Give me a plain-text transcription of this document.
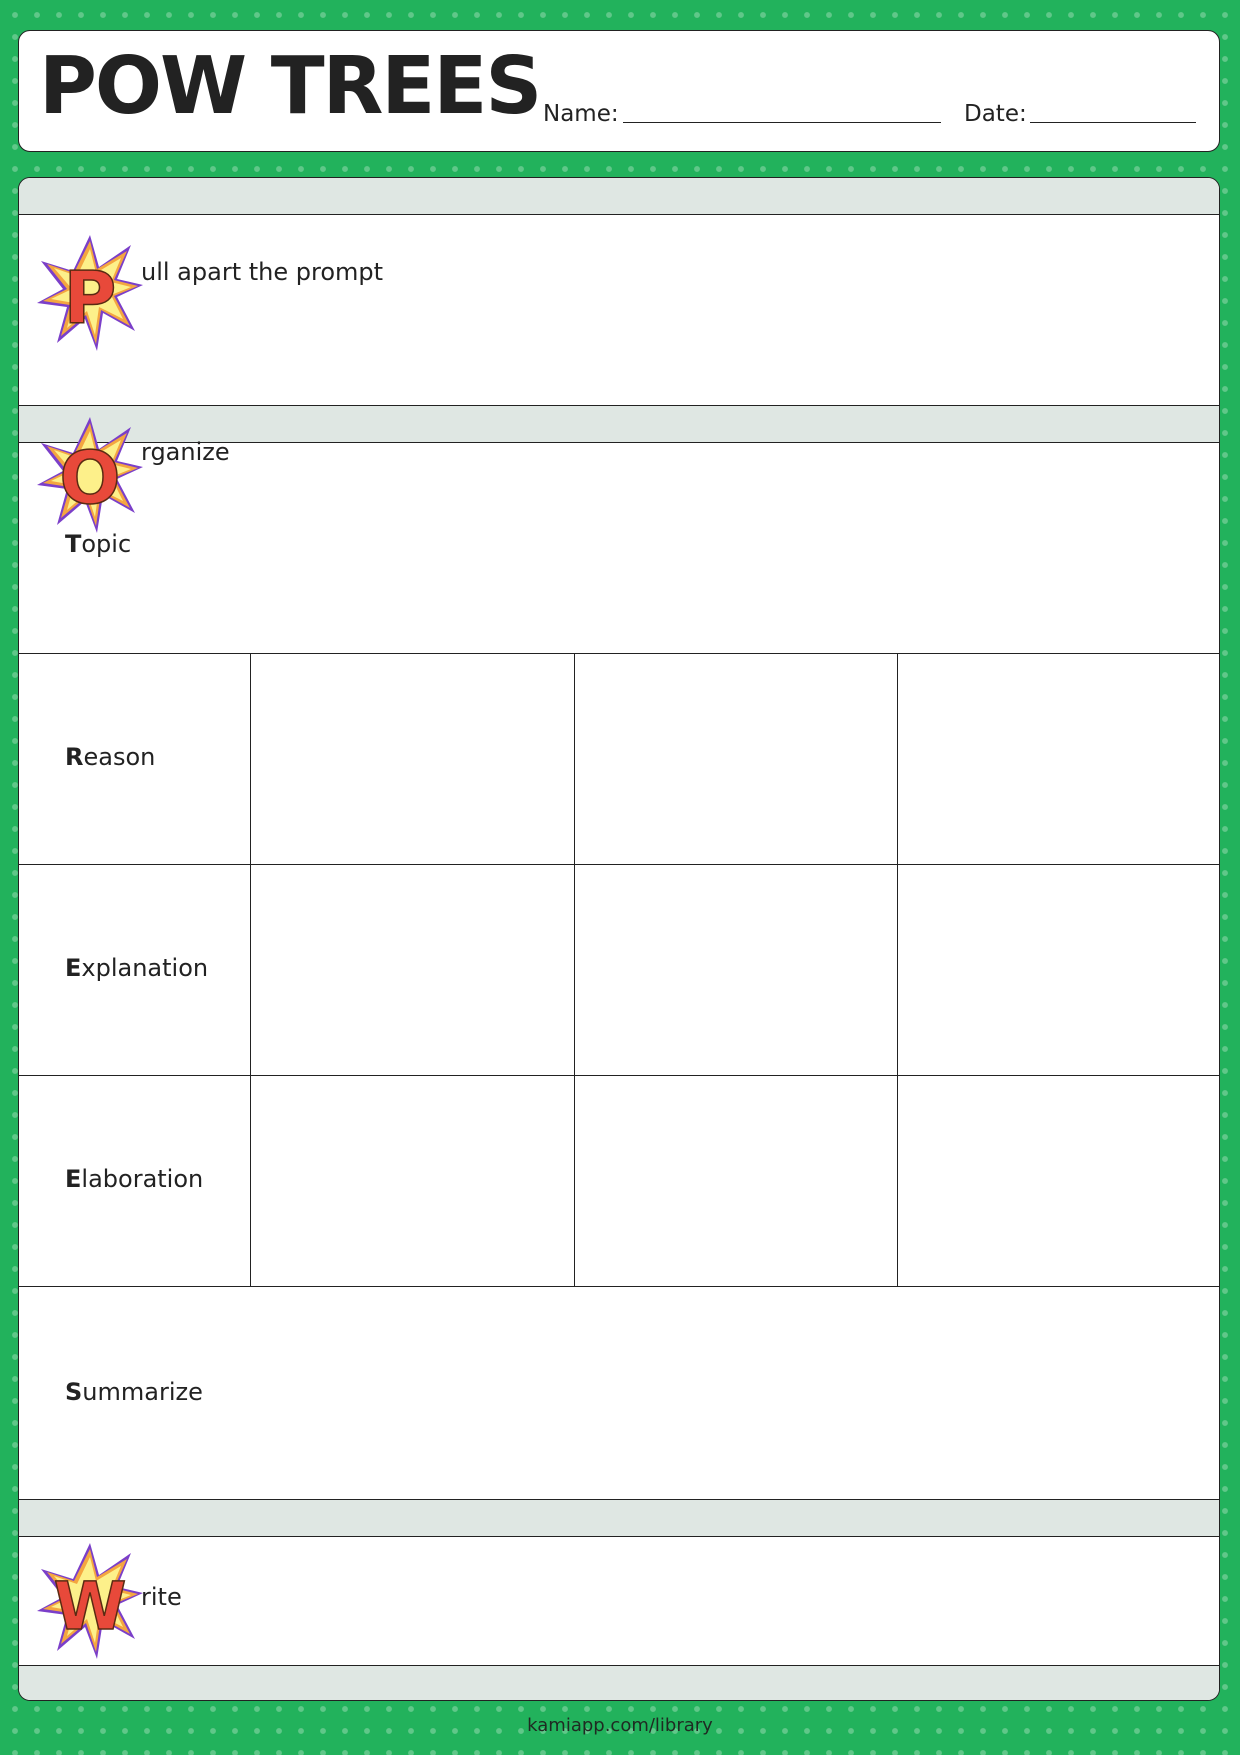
POW TREES Name:	Date:
P ull apart the prompt
O rganize
Topic
Reason
Explanation
Elaboration
Summarize
W rite
kamiapp.com/library
